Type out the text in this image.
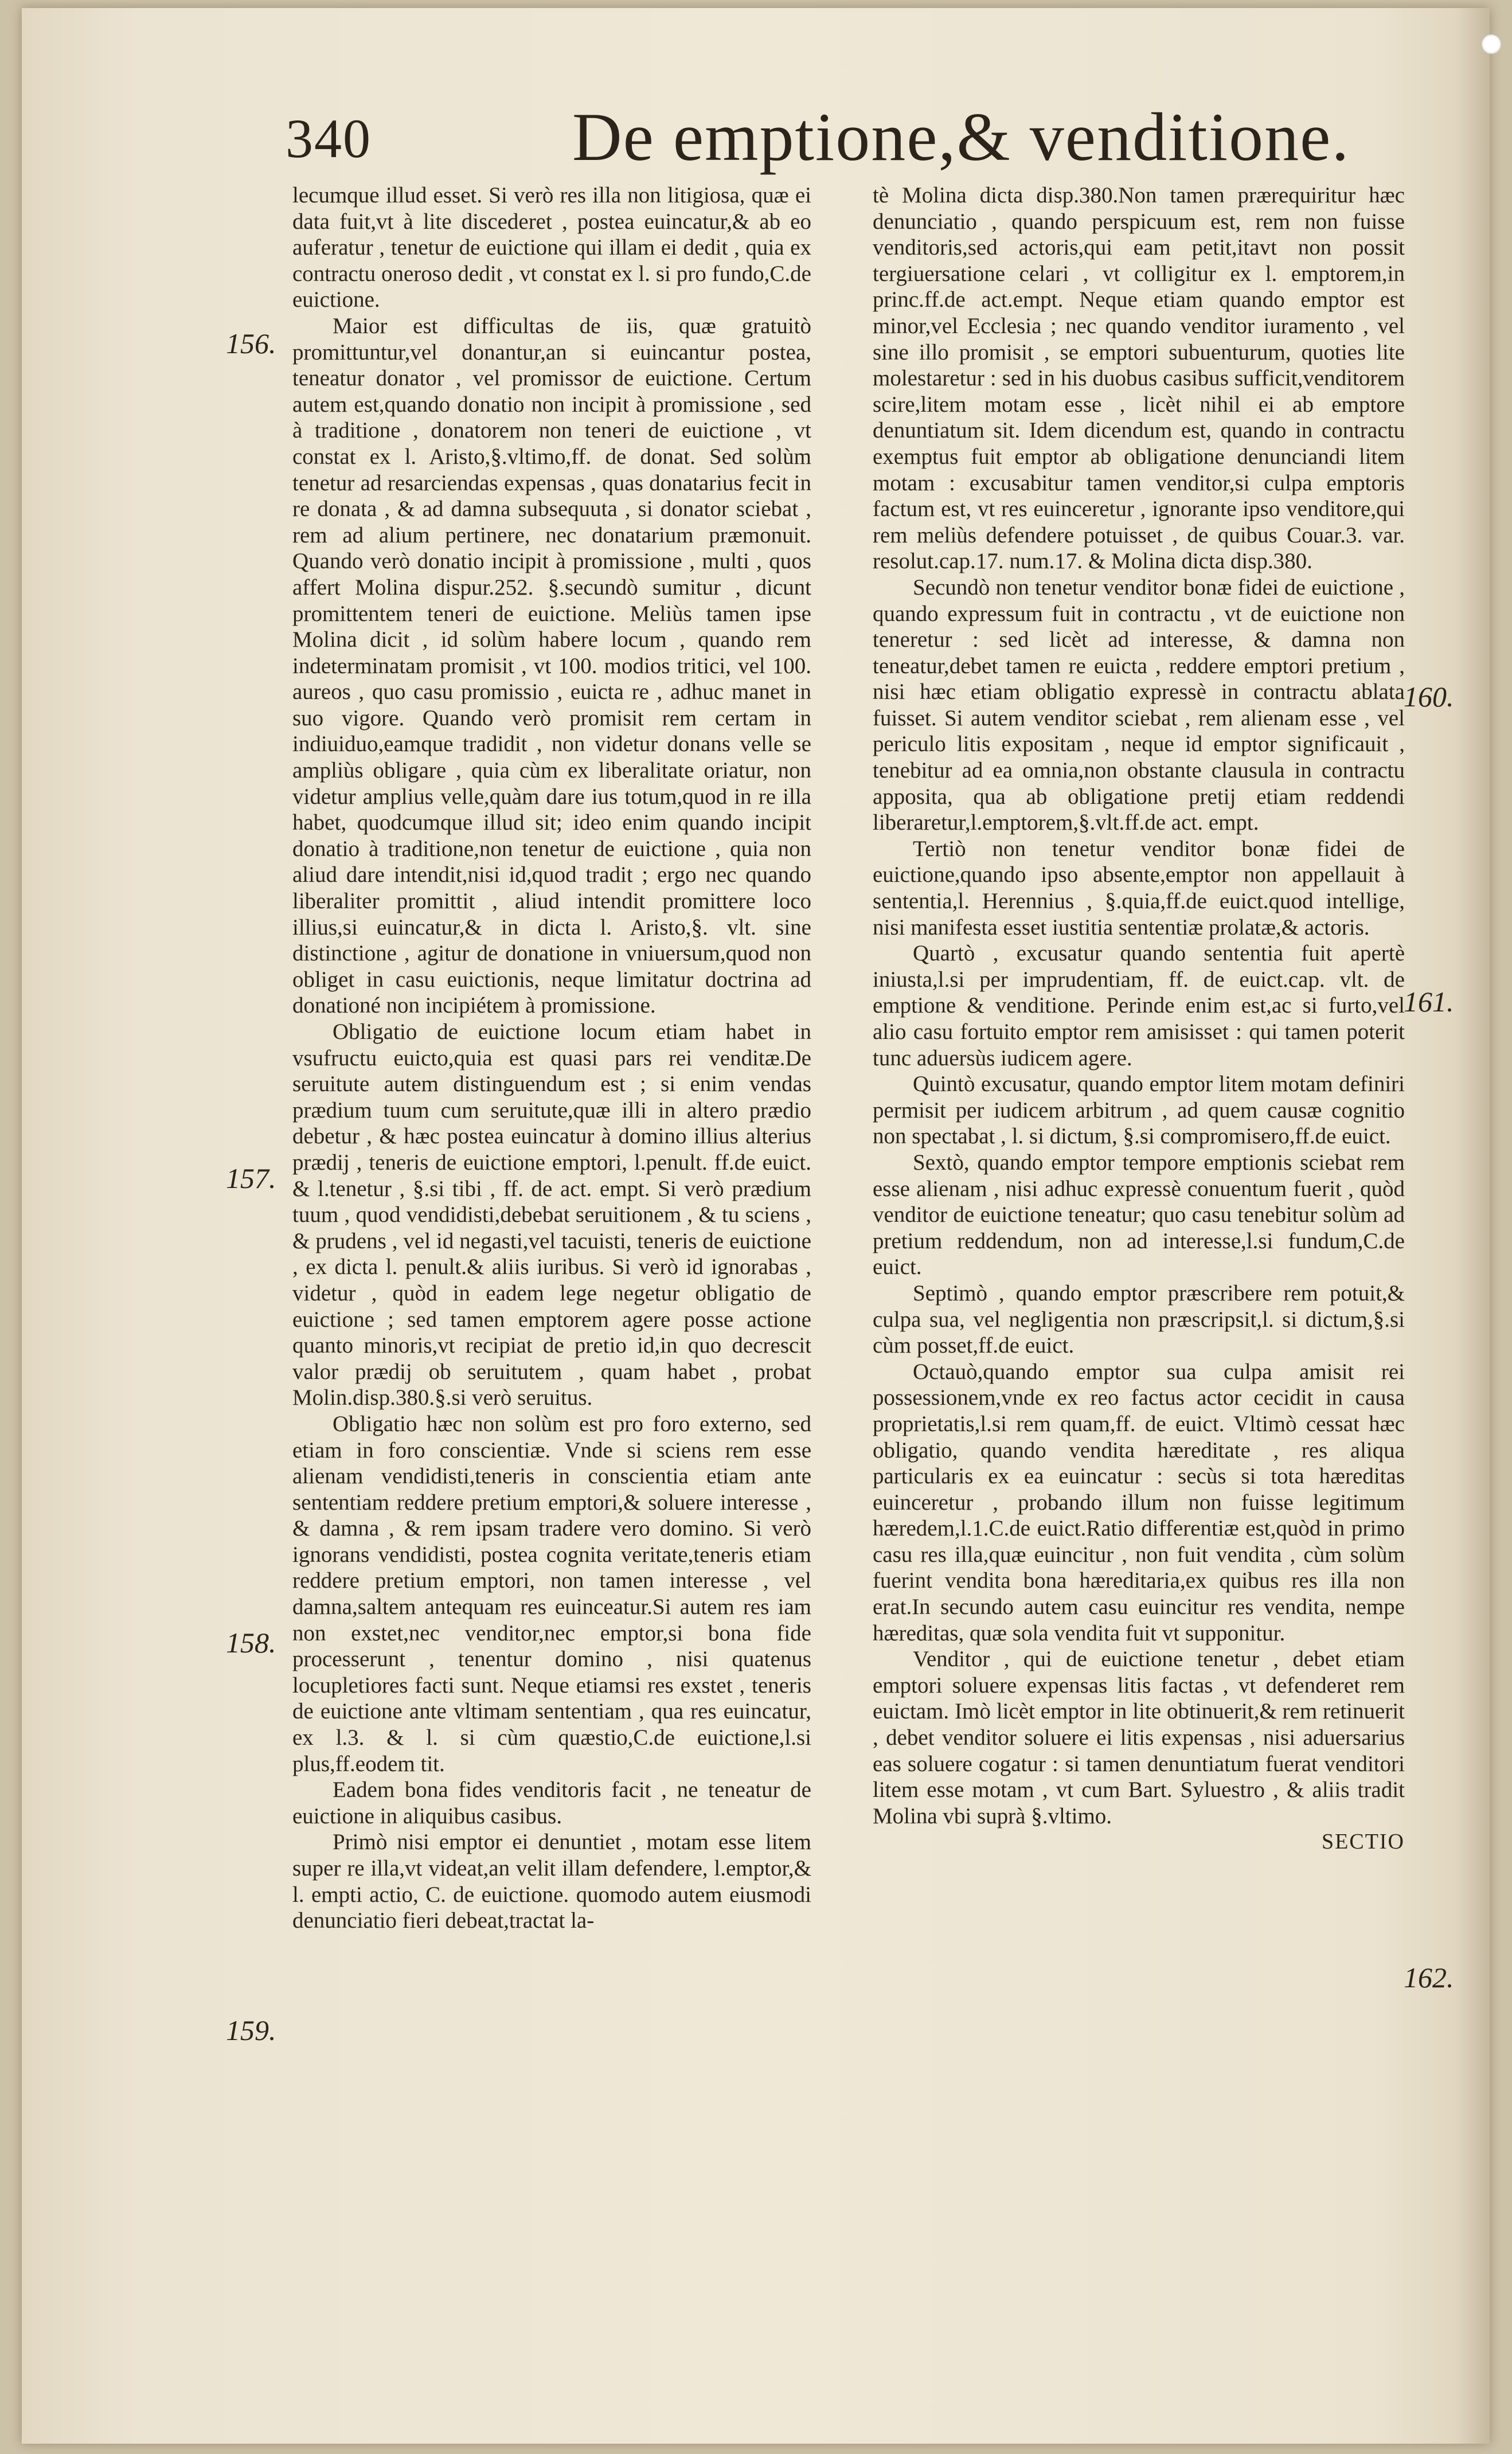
340	De emptione,& venditione.
156.
157.
158.
159.
160.
161.
162.

lecumque illud esset. Si verò res illa non litigiosa, quæ ei data fuit,vt à lite discederet , postea euincatur,& ab eo auferatur , tenetur de euictione qui illam ei dedit , quia ex contractu oneroso dedit , vt constat ex l. si pro fundo,C.de euictione.

Maior est difficultas de iis, quæ gratuitò promittuntur,vel donantur,an si euincantur postea, teneatur donator , vel promissor de euictione. Certum autem est,quando donatio non incipit à promissione , sed à traditione , donatorem non teneri de euictione , vt constat ex l. Aristo,§.vltimo,ff. de donat. Sed solùm tenetur ad resarciendas expensas , quas donatarius fecit in re donata , & ad damna subsequuta , si donator sciebat , rem ad alium pertinere, nec donatarium præmonuit. Quando verò donatio incipit à promissione , multi , quos affert Molina dispur.252. §.secundò sumitur , dicunt promittentem teneri de euictione. Meliùs tamen ipse Molina dicit , id solùm habere locum , quando rem indeterminatam promisit , vt 100. modios tritici, vel 100. aureos , quo casu promissio , euicta re , adhuc manet in suo vigore. Quando verò promisit rem certam in indiuiduo,eamque tradidit , non videtur donans velle se ampliùs obligare , quia cùm ex liberalitate oriatur, non videtur amplius velle,quàm dare ius totum,quod in re illa habet, quodcumque illud sit; ideo enim quando incipit donatio à traditione,non tenetur de euictione , quia non aliud dare intendit,nisi id,quod tradit ; ergo nec quando liberaliter promittit , aliud intendit promittere loco illius,si euincatur,& in dicta l. Aristo,§. vlt. sine distinctione , agitur de donatione in vniuersum,quod non obliget in casu euictionis, neque limitatur doctrina ad donationé non incipiétem à promissione.

Obligatio de euictione locum etiam habet in vsufructu euicto,quia est quasi pars rei venditæ.De seruitute autem distinguendum est ; si enim vendas prædium tuum cum seruitute,quæ illi in altero prædio debetur , & hæc postea euincatur à domino illius alterius prædij , teneris de euictione emptori, l.penult. ff.de euict. & l.tenetur , §.si tibi , ff. de act. empt. Si verò prædium tuum , quod vendidisti,debebat seruitionem , & tu sciens , & prudens , vel id negasti,vel tacuisti, teneris de euictione , ex dicta l. penult.& aliis iuribus. Si verò id ignorabas , videtur , quòd in eadem lege negetur obligatio de euictione ; sed tamen emptorem agere posse actione quanto minoris,vt recipiat de pretio id,in quo decrescit valor prædij ob seruitutem , quam habet , probat Molin.disp.380.§.si verò seruitus.

Obligatio hæc non solùm est pro foro externo, sed etiam in foro conscientiæ. Vnde si sciens rem esse alienam vendidisti,teneris in conscientia etiam ante sententiam reddere pretium emptori,& soluere interesse , & damna , & rem ipsam tradere vero domino. Si verò ignorans vendidisti, postea cognita veritate,teneris etiam reddere pretium emptori, non tamen interesse , vel damna,saltem antequam res euinceatur.Si autem res iam non exstet,nec venditor,nec emptor,si bona fide processerunt , tenentur domino , nisi quatenus locupletiores facti sunt. Neque etiamsi res exstet , teneris de euictione ante vltimam sententiam , qua res euincatur, ex l.3. & l. si cùm quæstio,C.de euictione,l.si plus,ff.eodem tit.

Eadem bona fides venditoris facit , ne teneatur de euictione in aliquibus casibus.

Primò nisi emptor ei denuntiet , motam esse litem super re illa,vt videat,an velit illam defendere, l.emptor,& l. empti actio, C. de euictione. quomodo autem eiusmodi denunciatio fieri debeat,tractat la-

tè Molina dicta disp.380.Non tamen prærequiritur hæc denunciatio , quando perspicuum est, rem non fuisse venditoris,sed actoris,qui eam petit,itavt non possit tergiuersatione celari , vt colligitur ex l. emptorem,in princ.ff.de act.empt. Neque etiam quando emptor est minor,vel Ecclesia ; nec quando venditor iuramento , vel sine illo promisit , se emptori subuenturum, quoties lite molestaretur : sed in his duobus casibus sufficit,venditorem scire,litem motam esse , licèt nihil ei ab emptore denuntiatum sit. Idem dicendum est, quando in contractu exemptus fuit emptor ab obligatione denunciandi litem motam : excusabitur tamen venditor,si culpa emptoris factum est, vt res euinceretur , ignorante ipso venditore,qui rem meliùs defendere potuisset , de quibus Couar.3. var. resolut.cap.17. num.17. & Molina dicta disp.380.

Secundò non tenetur venditor bonæ fidei de euictione , quando expressum fuit in contractu , vt de euictione non teneretur : sed licèt ad interesse, & damna non teneatur,debet tamen re euicta , reddere emptori pretium , nisi hæc etiam obligatio expressè in contractu ablata fuisset. Si autem venditor sciebat , rem alienam esse , vel periculo litis expositam , neque id emptor significauit , tenebitur ad ea omnia,non obstante clausula in contractu apposita, qua ab obligatione pretij etiam reddendi liberaretur,l.emptorem,§.vlt.ff.de act. empt.

Tertiò non tenetur venditor bonæ fidei de euictione,quando ipso absente,emptor non appellauit à sententia,l. Herennius , §.quia,ff.de euict.quod intellige, nisi manifesta esset iustitia sententiæ prolatæ,& actoris.

Quartò , excusatur quando sententia fuit apertè iniusta,l.si per imprudentiam, ff. de euict.cap. vlt. de emptione & venditione. Perinde enim est,ac si furto,vel alio casu fortuito emptor rem amisisset : qui tamen poterit tunc aduersùs iudicem agere.

Quintò excusatur, quando emptor litem motam definiri permisit per iudicem arbitrum , ad quem causæ cognitio non spectabat , l. si dictum, §.si compromisero,ff.de euict.

Sextò, quando emptor tempore emptionis sciebat rem esse alienam , nisi adhuc expressè conuentum fuerit , quòd venditor de euictione teneatur; quo casu tenebitur solùm ad pretium reddendum, non ad interesse,l.si fundum,C.de euict.

Septimò , quando emptor præscribere rem potuit,& culpa sua, vel negligentia non præscripsit,l. si dictum,§.si cùm posset,ff.de euict.

Octauò,quando emptor sua culpa amisit rei possessionem,vnde ex reo factus actor cecidit in causa proprietatis,l.si rem quam,ff. de euict. Vltimò cessat hæc obligatio, quando vendita hæreditate , res aliqua particularis ex ea euincatur : secùs si tota hæreditas euinceretur , probando illum non fuisse legitimum hæredem,l.1.C.de euict.Ratio differentiæ est,quòd in primo casu res illa,quæ euincitur , non fuit vendita , cùm solùm fuerint vendita bona hæreditaria,ex quibus res illa non erat.In secundo autem casu euincitur res vendita, nempe hæreditas, quæ sola vendita fuit vt supponitur.

Venditor , qui de euictione tenetur , debet etiam emptori soluere expensas litis factas , vt defenderet rem euictam. Imò licèt emptor in lite obtinuerit,& rem retinuerit , debet venditor soluere ei litis expensas , nisi aduersarius eas soluere cogatur : si tamen denuntiatum fuerat venditori litem esse motam , vt cum Bart. Syluestro , & aliis tradit Molina vbi suprà §.vltimo.

SECTIO
